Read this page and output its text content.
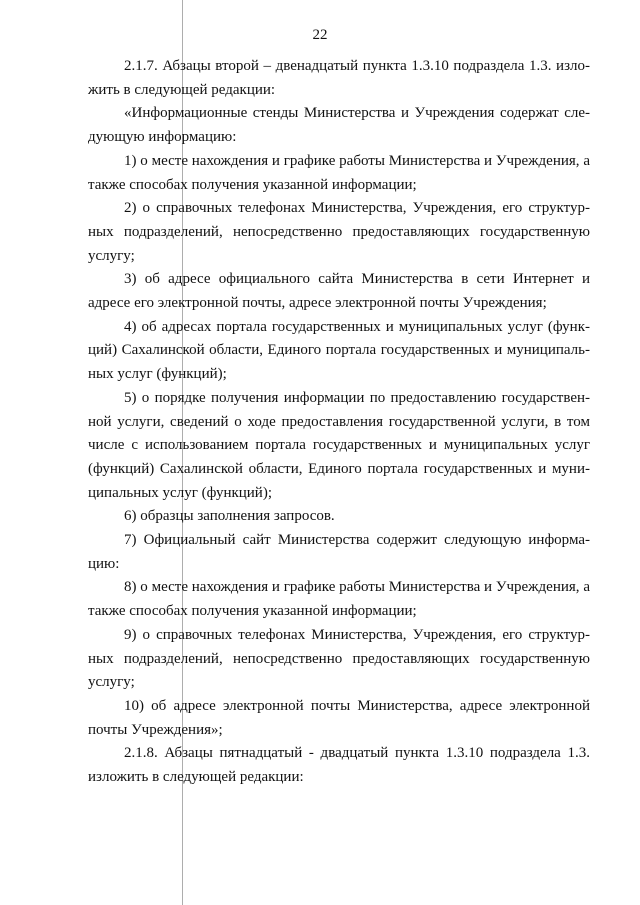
22

2.1.7. Абзацы второй – двенадцатый пункта 1.3.10 подраздела 1.3. изложить в следующей редакции:

«Информационные стенды Министерства и Учреждения содержат следующую информацию:

1) о месте нахождения и графике работы Министерства и Учреждения, а также способах получения указанной информации;

2) о справочных телефонах Министерства, Учреждения, его структурных подразделений, непосредственно предоставляющих государственную услугу;

3) об адресе официального сайта Министерства в сети Интернет и адресе его электронной почты, адресе электронной почты Учреждения;

4) об адресах портала государственных и муниципальных услуг (функций) Сахалинской области, Единого портала государственных и муниципальных услуг (функций);

5) о порядке получения информации по предоставлению государственной услуги, сведений о ходе предоставления государственной услуги, в том числе с использованием портала государственных и муниципальных услуг (функций) Сахалинской области, Единого портала государственных и муниципальных услуг (функций);

6) образцы заполнения запросов.

7) Официальный сайт Министерства содержит следующую информацию:

8) о месте нахождения и графике работы Министерства и Учреждения, а также способах получения указанной информации;

9) о справочных телефонах Министерства, Учреждения, его структурных подразделений, непосредственно предоставляющих государственную услугу;

10) об адресе электронной почты Министерства, адресе электронной почты Учреждения»;

2.1.8. Абзацы пятнадцатый - двадцатый пункта 1.3.10 подраздела 1.3. изложить в следующей редакции:
